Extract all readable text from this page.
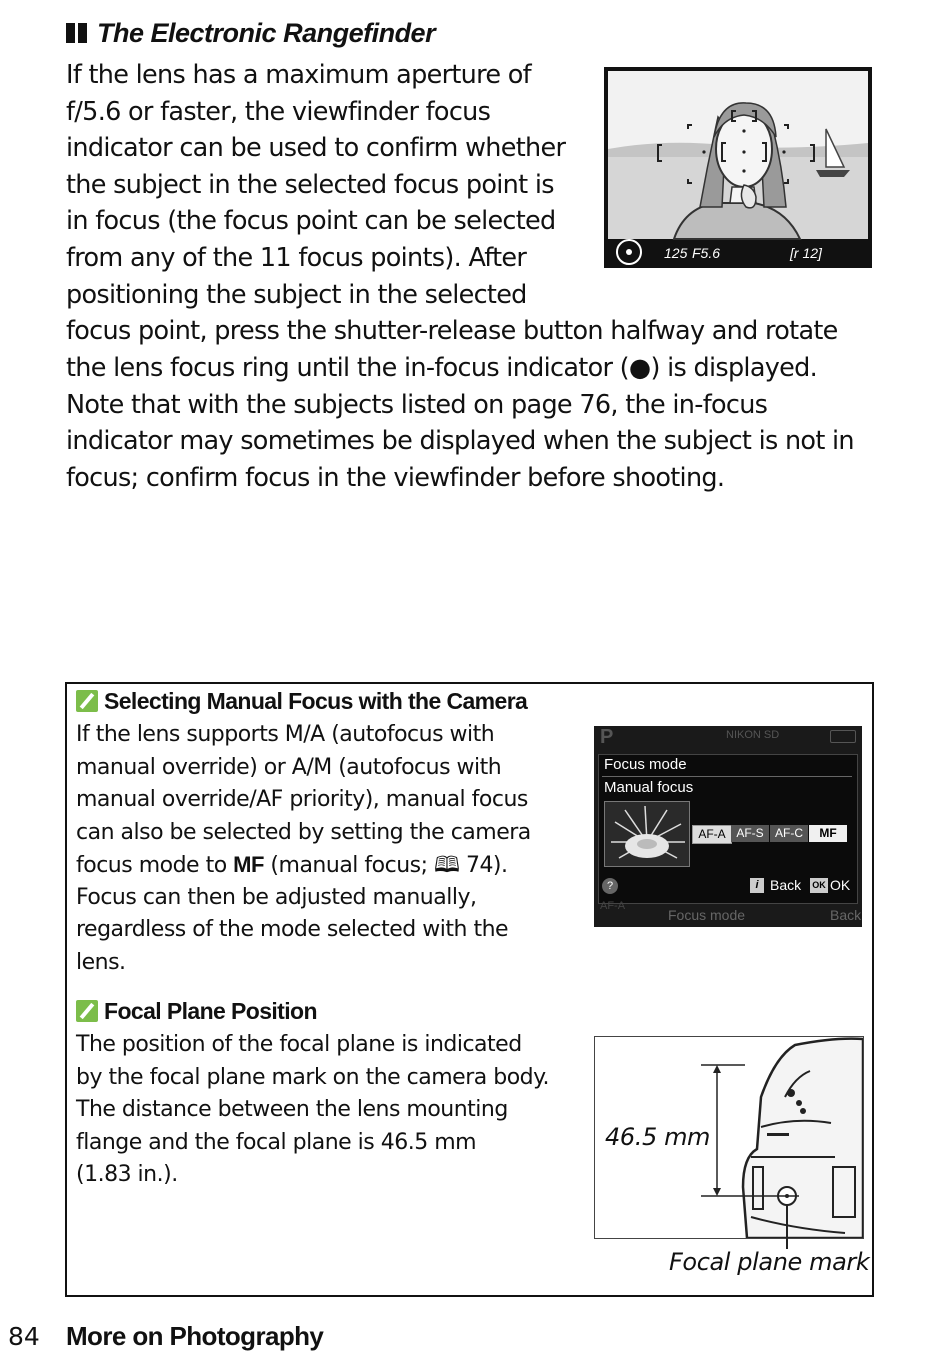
The Electronic Rangefinder
If the lens has a maximum aperture of
f/5.6 or faster, the viewfinder focus
indicator can be used to confirm whether
the subject in the selected focus point is
in focus (the focus point can be selected
from any of the 11 focus points). After
positioning the subject in the selected
focus point, press the shutter-release button halfway and rotate
the lens focus ring until the in-focus indicator (●) is displayed.
Note that with the subjects listed on page 76, the in-focus
indicator may sometimes be displayed when the subject is not in
focus; confirm focus in the viewfinder before shooting.
125 F5.6	[r 12]
Selecting Manual Focus with the Camera
If the lens supports M/A (autofocus with
manual override) or A/M (autofocus with
manual override/AF priority), manual focus
can also be selected by setting the camera
focus mode to MF (manual focus; 🕮 74).
Focus can then be adjusted manually,
regardless of the mode selected with the
lens.
P	NIKON SD
Focus mode
Manual focus
AF-A AF-S AF-C	MF
?	i Back OK OK
AF-A
Focus mode	Back
Focal Plane Position
The position of the focal plane is indicated
by the focal plane mark on the camera body.
The distance between the lens mounting
flange and the focal plane is 46.5 mm
(1.83 in.).
46.5 mm
Focal plane mark
84 More on Photography
